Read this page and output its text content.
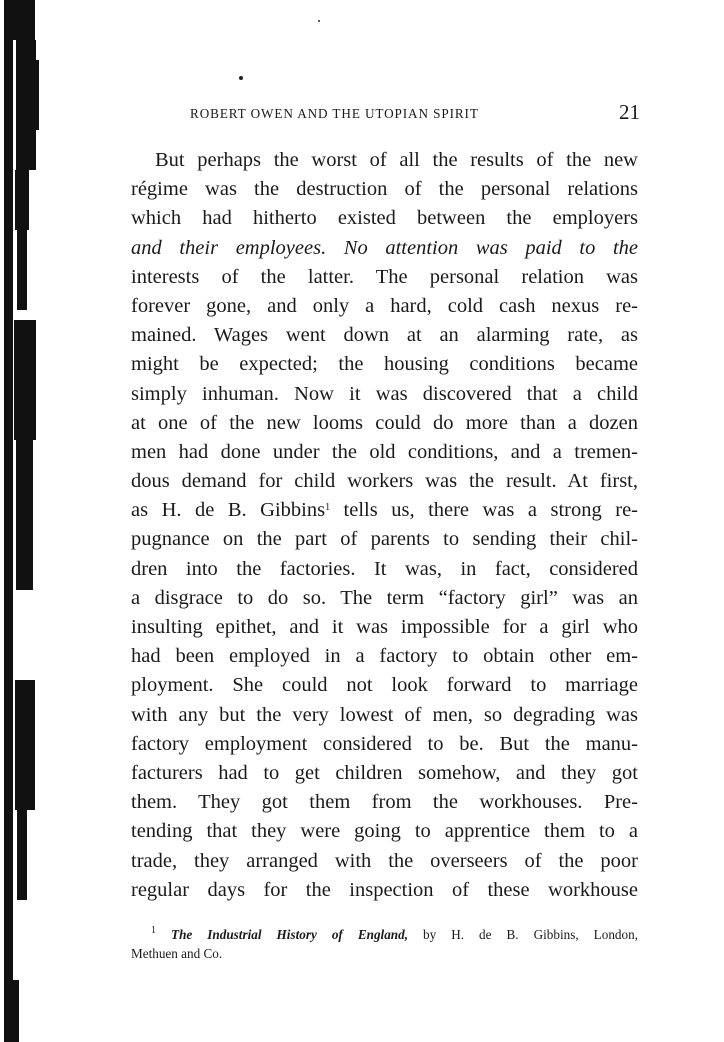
ROBERT OWEN AND THE UTOPIAN SPIRIT	21
But perhaps the worst of all the results of the new
régime was the destruction of the personal relations
which had hitherto existed between the employers
and their employees. No attention was paid to the
interests of the latter. The personal relation was
forever gone, and only a hard, cold cash nexus re-
mained. Wages went down at an alarming rate, as
might be expected; the housing conditions became
simply inhuman. Now it was discovered that a child
at one of the new looms could do more than a dozen
men had done under the old conditions, and a tremen-
dous demand for child workers was the result. At first,
as H. de B. Gibbins$^1$ tells us, there was a strong re-
pugnance on the part of parents to sending their chil-
dren into the factories. It was, in fact, considered
a disgrace to do so. The term “factory girl” was an
insulting epithet, and it was impossible for a girl who
had been employed in a factory to obtain other em-
ployment. She could not look forward to marriage
with any but the very lowest of men, so degrading was
factory employment considered to be. But the manu-
facturers had to get children somehow, and they got
them. They got them from the workhouses. Pre-
tending that they were going to apprentice them to a
trade, they arranged with the overseers of the poor
regular days for the inspection of these workhouse
$^1$ The Industrial History of England, by H. de B. Gibbins, London,
Methuen and Co.
